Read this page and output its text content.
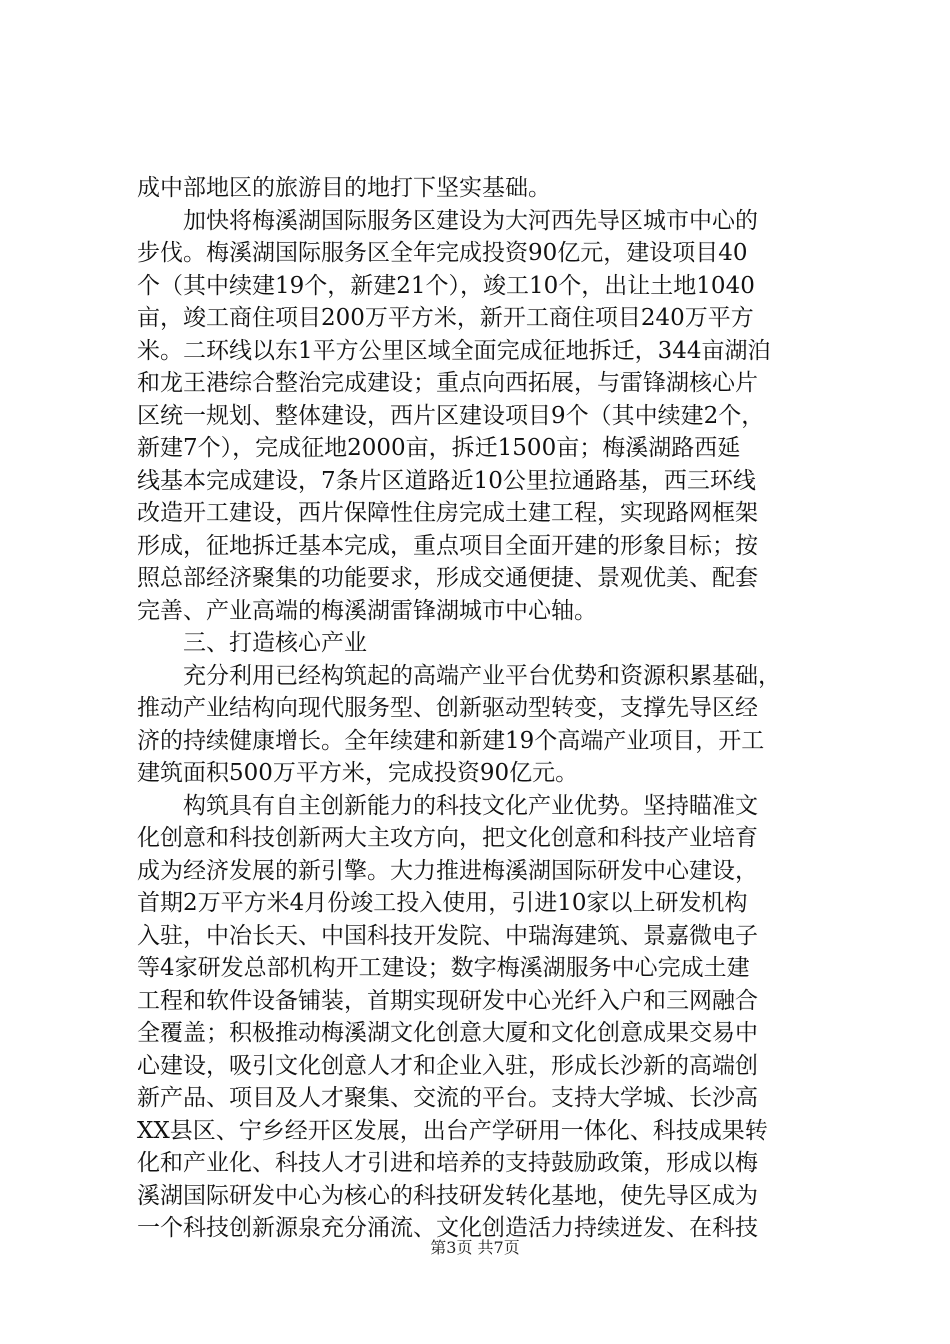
成中部地区的旅游目的地打下坚实基础。
加快将梅溪湖国际服务区建设为大河西先导区城市中心的
步伐。梅溪湖国际服务区全年完成投资90亿元，建设项目40
个（其中续建19个，新建21个），竣工10个，出让土地1040
亩，竣工商住项目200万平方米，新开工商住项目240万平方
米。二环线以东1平方公里区域全面完成征地拆迁，344亩湖泊
和龙王港综合整治完成建设；重点向西拓展，与雷锋湖核心片
区统一规划、整体建设，西片区建设项目9个（其中续建2个，
新建7个），完成征地2000亩，拆迁1500亩；梅溪湖路西延
线基本完成建设，7条片区道路近10公里拉通路基，西三环线
改造开工建设，西片保障性住房完成土建工程，实现路网框架
形成，征地拆迁基本完成，重点项目全面开建的形象目标；按
照总部经济聚集的功能要求，形成交通便捷、景观优美、配套
完善、产业高端的梅溪湖雷锋湖城市中心轴。
三、打造核心产业
充分利用已经构筑起的高端产业平台优势和资源积累基础，
推动产业结构向现代服务型、创新驱动型转变，支撑先导区经
济的持续健康增长。全年续建和新建19个高端产业项目，开工
建筑面积500万平方米，完成投资90亿元。
构筑具有自主创新能力的科技文化产业优势。坚持瞄准文
化创意和科技创新两大主攻方向，把文化创意和科技产业培育
成为经济发展的新引擎。大力推进梅溪湖国际研发中心建设，
首期2万平方米4月份竣工投入使用，引进10家以上研发机构
入驻，中冶长天、中国科技开发院、中瑞海建筑、景嘉微电子
等4家研发总部机构开工建设；数字梅溪湖服务中心完成土建
工程和软件设备铺装，首期实现研发中心光纤入户和三网融合
全覆盖；积极推动梅溪湖文化创意大厦和文化创意成果交易中
心建设，吸引文化创意人才和企业入驻，形成长沙新的高端创
新产品、项目及人才聚集、交流的平台。支持大学城、长沙高
XX县区、宁乡经开区发展，出台产学研用一体化、科技成果转
化和产业化、科技人才引进和培养的支持鼓励政策，形成以梅
溪湖国际研发中心为核心的科技研发转化基地，使先导区成为
一个科技创新源泉充分涌流、文化创造活力持续迸发、在科技
第3页 共7页
